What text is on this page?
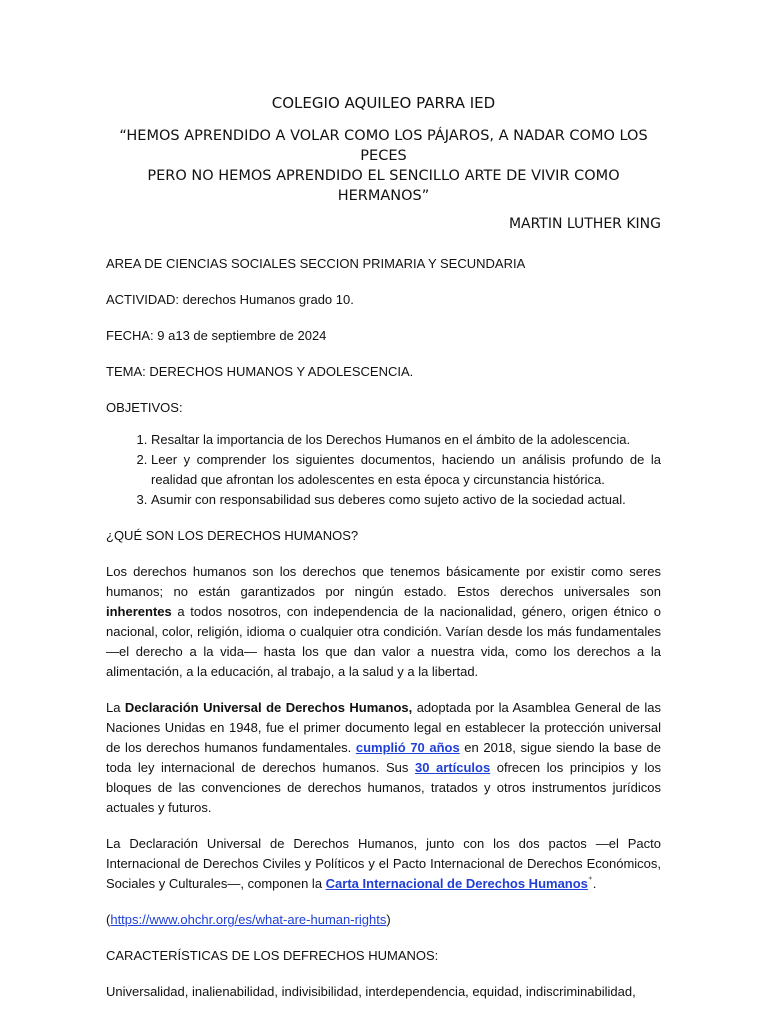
COLEGIO AQUILEO PARRA IED

“HEMOS APRENDIDO A VOLAR COMO LOS PÁJAROS, A NADAR COMO LOS PECES
PERO NO HEMOS APRENDIDO EL SENCILLO ARTE DE VIVIR COMO HERMANOS”

MARTIN LUTHER KING

AREA DE CIENCIAS SOCIALES SECCION PRIMARIA Y SECUNDARIA

ACTIVIDAD: derechos Humanos grado 10.

FECHA: 9 a13 de septiembre de 2024

TEMA: DERECHOS HUMANOS Y ADOLESCENCIA.

OBJETIVOS:

1. Resaltar la importancia de los Derechos Humanos en el ámbito de la adolescencia.
2. Leer y comprender los siguientes documentos, haciendo un análisis profundo de la realidad que afrontan los adolescentes en esta época y circunstancia histórica.
3. Asumir con responsabilidad sus deberes como sujeto activo de la sociedad actual.

¿QUÉ SON LOS DERECHOS HUMANOS?

Los derechos humanos son los derechos que tenemos básicamente por existir como seres humanos; no están garantizados por ningún estado. Estos derechos universales son inherentes a todos nosotros, con independencia de la nacionalidad, género, origen étnico o nacional, color, religión, idioma o cualquier otra condición. Varían desde los más fundamentales —el derecho a la vida— hasta los que dan valor a nuestra vida, como los derechos a la alimentación, a la educación, al trabajo, a la salud y a la libertad.

La Declaración Universal de Derechos Humanos, adoptada por la Asamblea General de las Naciones Unidas en 1948, fue el primer documento legal en establecer la protección universal de los derechos humanos fundamentales. cumplió 70 años en 2018, sigue siendo la base de toda ley internacional de derechos humanos. Sus 30 artículos ofrecen los principios y los bloques de las convenciones de derechos humanos, tratados y otros instrumentos jurídicos actuales y futuros.

La Declaración Universal de Derechos Humanos, junto con los dos pactos —el Pacto Internacional de Derechos Civiles y Políticos y el Pacto Internacional de Derechos Económicos, Sociales y Culturales—, componen la Carta Internacional de Derechos Humanos⁺.

(https://www.ohchr.org/es/what-are-human-rights)

CARACTERÍSTICAS DE LOS DEFRECHOS HUMANOS:

Universalidad, inalienabilidad, indivisibilidad, interdependencia, equidad, indiscriminabilidad,
